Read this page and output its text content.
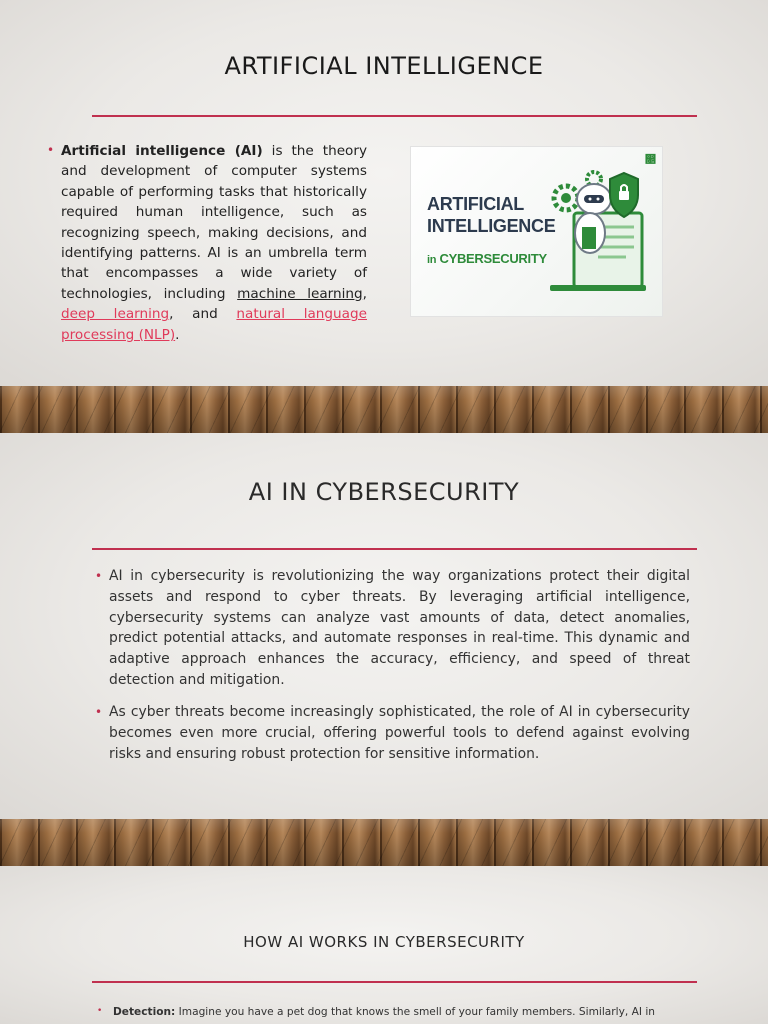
ARTIFICIAL INTELLIGENCE
• Artificial intelligence (AI) is the theory and development of computer systems capable of performing tasks that historically required human intelligence, such as recognizing speech, making decisions, and identifying patterns. AI is an umbrella term that encompasses a wide variety of technologies, including machine learning, deep learning, and natural language processing (NLP).
෕
ARTIFICIAL
INTELLIGENCE
in CYBERSECURITY
AI IN CYBERSECURITY
• AI in cybersecurity is revolutionizing the way organizations protect their digital assets and respond to cyber threats. By leveraging artificial intelligence, cybersecurity systems can analyze vast amounts of data, detect anomalies, predict potential attacks, and automate responses in real-time. This dynamic and adaptive approach enhances the accuracy, efficiency, and speed of threat detection and mitigation.
• As cyber threats become increasingly sophisticated, the role of AI in cybersecurity becomes even more crucial, offering powerful tools to defend against evolving risks and ensuring robust protection for sensitive information.
HOW AI WORKS IN CYBERSECURITY
• Detection: Imagine you have a pet dog that knows the smell of your family members. Similarly, AI in
